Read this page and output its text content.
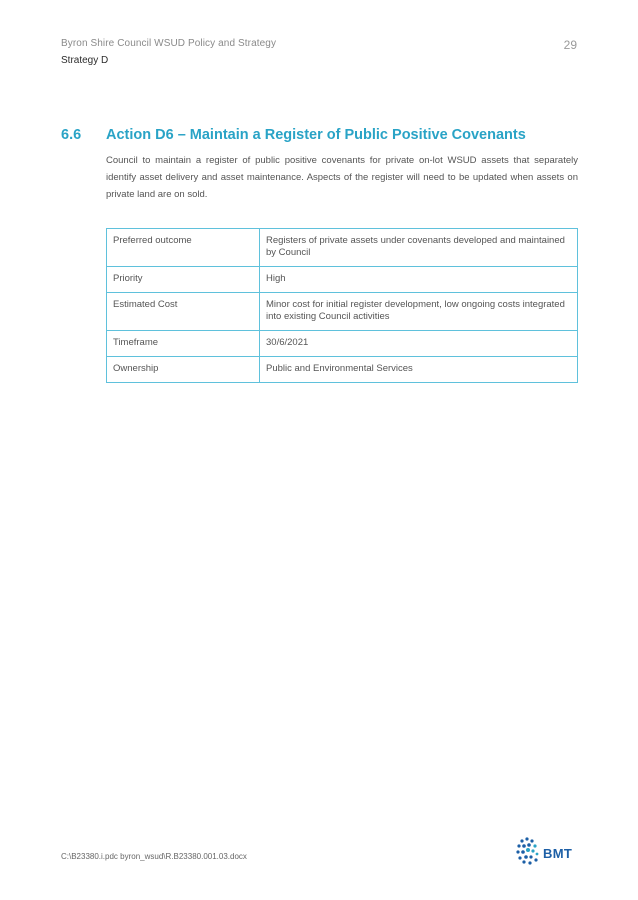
Byron Shire Council WSUD Policy and Strategy
Strategy D
29
6.6 Action D6 – Maintain a Register of Public Positive Covenants
Council to maintain a register of public positive covenants for private on-lot WSUD assets that separately identify asset delivery and asset maintenance. Aspects of the register will need to be updated when assets on private land are on sold.
Preferred outcome	Registers of private assets under covenants developed and maintained by Council
Priority	High
Estimated Cost	Minor cost for initial register development, low ongoing costs integrated into existing Council activities
Timeframe	30/6/2021
Ownership	Public and Environmental Services
C:\B23380.i.pdc byron_wsud\R.B23380.001.03.docx	BMT
